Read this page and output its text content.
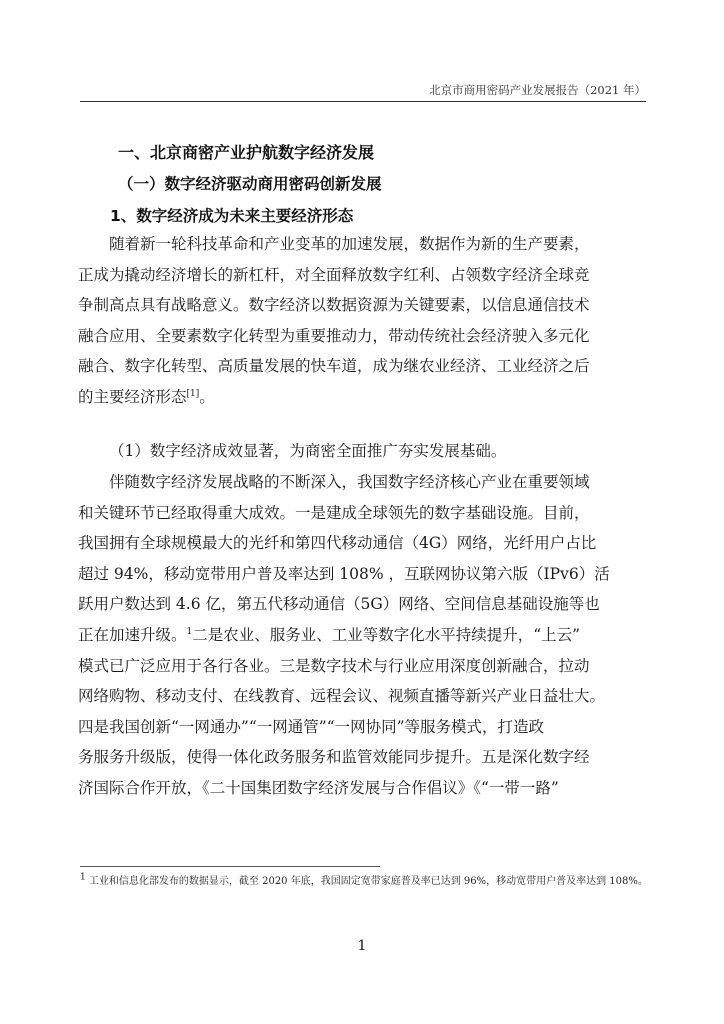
北京市商用密码产业发展报告（2021 年）
一、北京商密产业护航数字经济发展
（一）数字经济驱动商用密码创新发展
1、数字经济成为未来主要经济形态
随着新一轮科技革命和产业变革的加速发展，数据作为新的生产要素，
正成为撬动经济增长的新杠杆，对全面释放数字红利、占领数字经济全球竞
争制高点具有战略意义。数字经济以数据资源为关键要素，以信息通信技术
融合应用、全要素数字化转型为重要推动力，带动传统社会经济驶入多元化
融合、数字化转型、高质量发展的快车道，成为继农业经济、工业经济之后
的主要经济形态[1]。
（1）数字经济成效显著，为商密全面推广夯实发展基础。
伴随数字经济发展战略的不断深入，我国数字经济核心产业在重要领域
和关键环节已经取得重大成效。一是建成全球领先的数字基础设施。目前，
我国拥有全球规模最大的光纤和第四代移动通信（4G）网络，光纤用户占比
超过 94%，移动宽带用户普及率达到 108% ，互联网协议第六版（IPv6）活
跃用户数达到 4.6 亿，第五代移动通信（5G）网络、空间信息基础设施等也
正在加速升级。$^1$二是农业、服务业、工业等数字化水平持续提升，“上云”
模式已广泛应用于各行各业。三是数字技术与行业应用深度创新融合，拉动
网络购物、移动支付、在线教育、远程会议、视频直播等新兴产业日益壮大。
四是我国创新“一网通办”“一网通管”“一网协同”等服务模式，打造政
务服务升级版，使得一体化政务服务和监管效能同步提升。五是深化数字经
济国际合作开放，《二十国集团数字经济发展与合作倡议》《“一带一路”
$^1$ 工业和信息化部发布的数据显示，截至 2020 年底，我国固定宽带家庭普及率已达到 96%，移动宽带用户普及率达到 108%。
1
